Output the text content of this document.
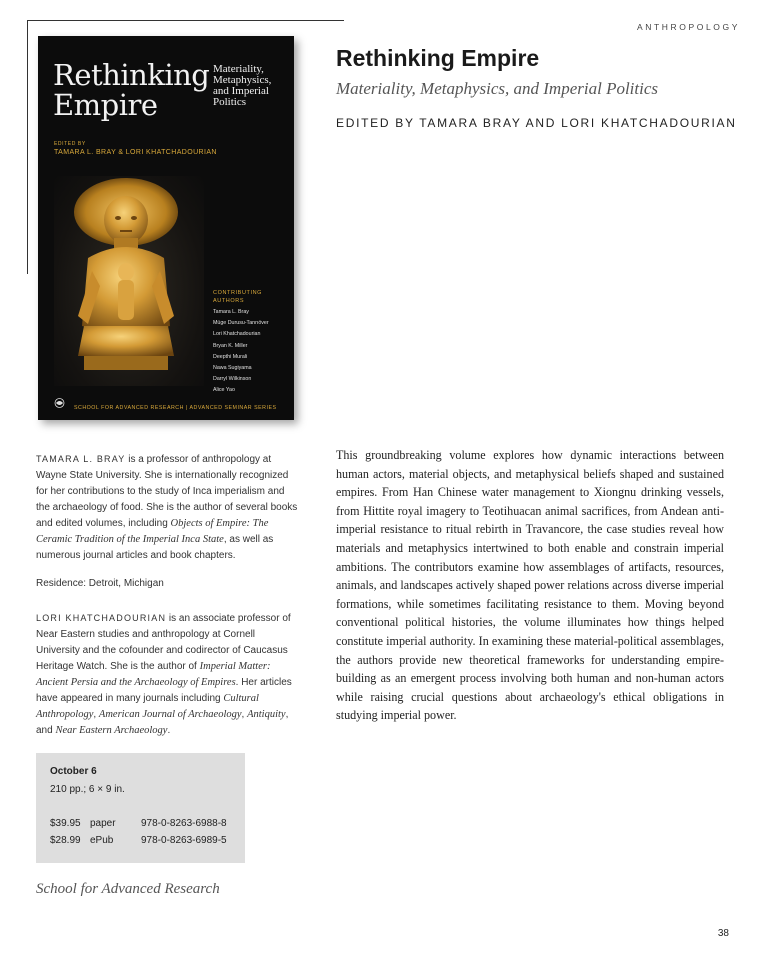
ANTHROPOLOGY
Rethinking
Empire
Materiality,
Metaphysics,
and Imperial
Politics
EDITED BY
TAMARA L. BRAY & LORI KHATCHADOURIAN
CONTRIBUTING
AUTHORS
Tamara L. Bray
Müge Durusu-Tanrıöver
Lori Khatchadourian
Bryan K. Miller
Deepthi Murali
Nawa Sugiyama
Darryl Wilkinson
Alice Yao
SCHOOL FOR ADVANCED RESEARCH | ADVANCED SEMINAR SERIES
Rethinking Empire
Materiality, Metaphysics, and Imperial Politics
EDITED BY TAMARA BRAY AND LORI KHATCHADOURIAN

This groundbreaking volume explores how dynamic interactions between human actors, material objects, and metaphysical beliefs shaped and sustained empires. From Han Chinese water management to Xiongnu drinking vessels, from Hittite royal imagery to Teotihuacan animal sacrifices, from Andean anti-imperial resistance to ritual rebirth in Travancore, the case studies reveal how materials and metaphysics intertwined to both enable and constrain imperial ambitions. The contributors examine how assemblages of artifacts, resources, animals, and landscapes actively shaped power relations across diverse imperial formations, while sometimes facilitating resistance to them. Moving beyond conventional political histories, the volume illuminates how things helped constitute imperial authority. In examining these material-political assemblages, the authors provide new theoretical frameworks for understanding empire-building as an emergent process involving both human and non-human actors while raising crucial questions about archaeology's ethical obligations in studying imperial power.

TAMARA L. BRAY is a professor of anthropology at Wayne State University. She is internationally recognized for her contributions to the study of Inca imperialism and the archaeology of food. She is the author of several books and edited volumes, including Objects of Empire: The Ceramic Tradition of the Imperial Inca State, as well as numerous journal articles and book chapters.

Residence: Detroit, Michigan

LORI KHATCHADOURIAN is an associate professor of Near Eastern studies and anthropology at Cornell University and the cofounder and codirector of Caucasus Heritage Watch. She is the author of Imperial Matter: Ancient Persia and the Archaeology of Empires. Her articles have appeared in many journals including Cultural Anthropology, American Journal of Archaeology, Antiquity, and Near Eastern Archaeology.

October 6
210 pp.; 6 × 9 in.
$39.95 paper	978-0-8263-6988-8
$28.99 ePub	978-0-8263-6989-5
School for Advanced Research
38
